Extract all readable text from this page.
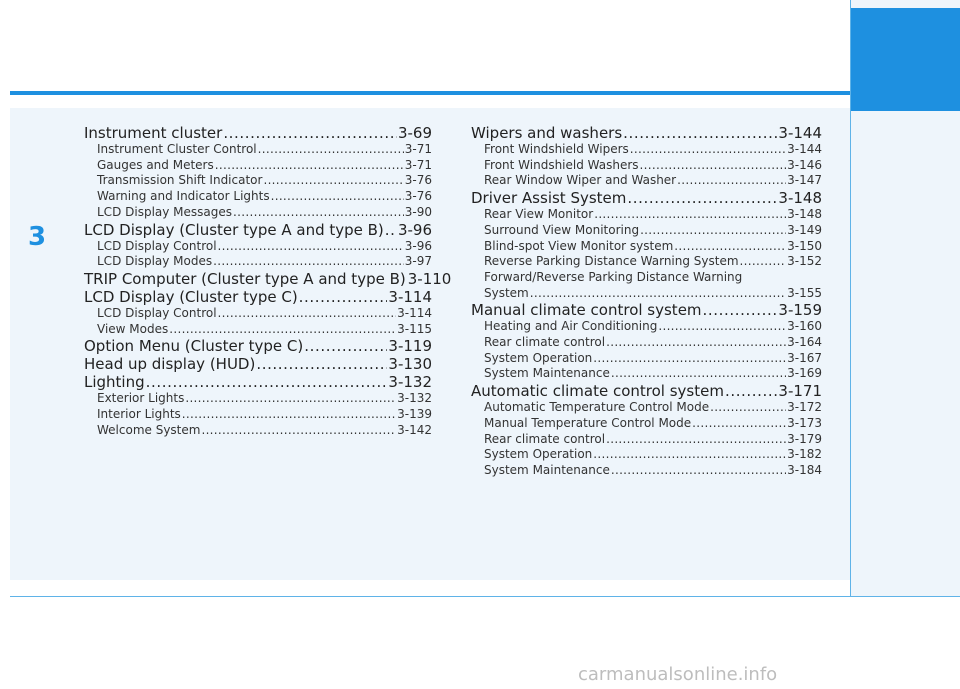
3
Instrument cluster .....	3-69
Instrument Cluster Control .....	3-71
Gauges and Meters .....	3-71
Transmission Shift Indicator .....	3-76
Warning and Indicator Lights .....	3-76
LCD Display Messages .....	3-90
LCD Display (Cluster type A and type B) ..... 3-96
LCD Display Control .....	3-96
LCD Display Modes .....	3-97
TRIP Computer (Cluster type A and type B) 3-110
LCD Display (Cluster type C) .....	3-114
LCD Display Control .....	3-114
View Modes .....	3-115
Option Menu (Cluster type C) .....	3-119
Head up display (HUD) .....	3-130
Lighting .....	3-132
Exterior Lights .....	3-132
Interior Lights .....	3-139
Welcome System .....	3-142
Wipers and washers .....	3-144
Front Windshield Wipers .....	3-144
Front Windshield Washers .....	3-146
Rear Window Wiper and Washer .....	3-147
Driver Assist System .....	3-148
Rear View Monitor .....	3-148
Surround View Monitoring .....	3-149
Blind-spot View Monitor system .....	3-150
Reverse Parking Distance Warning System .....	3-152
Forward/Reverse Parking Distance Warning
System .....	3-155
Manual climate control system .....	3-159
Heating and Air Conditioning .....	3-160
Rear climate control .....	3-164
System Operation .....	3-167
System Maintenance .....	3-169
Automatic climate control system .....	3-171
Automatic Temperature Control Mode .....	3-172
Manual Temperature Control Mode .....	3-173
Rear climate control .....	3-179
System Operation .....	3-182
System Maintenance .....	3-184
carmanualsonline.info
